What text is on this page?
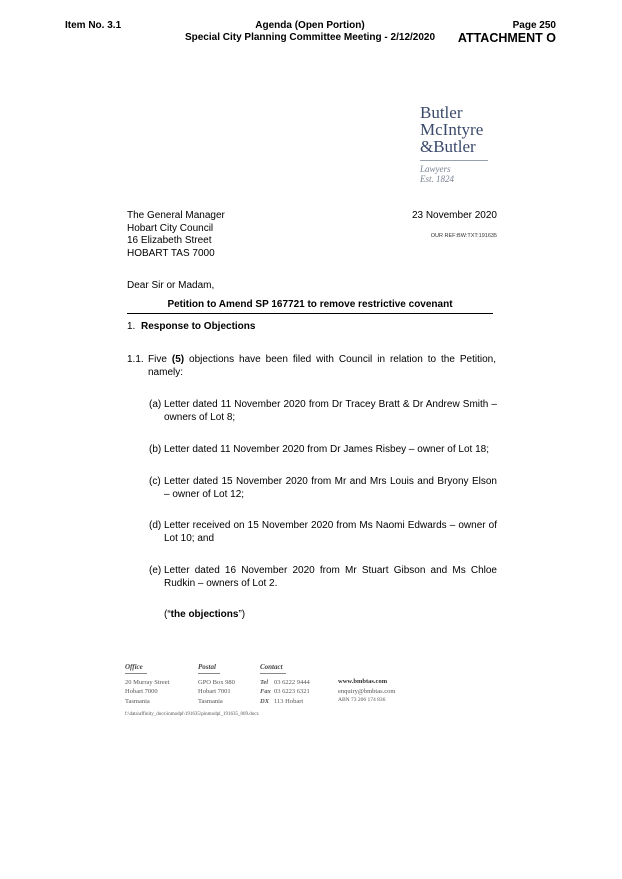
Item No. 3.1	Agenda (Open Portion)
Special City Planning Committee Meeting - 2/12/2020
Page 250
ATTACHMENT O
Butler
McIntyre
&Butler
Lawyers
Est. 1824
The General Manager
Hobart City Council
16 Elizabeth Street
HOBART TAS 7000
23 November 2020
OUR REF:BW:TXT:191635
Dear Sir or Madam,
Petition to Amend SP 167721 to remove restrictive covenant
1. Response to Objections
1.1. Five (5) objections have been filed with Council in relation to the Petition, namely:
(a) Letter dated 11 November 2020 from Dr Tracey Bratt & Dr Andrew Smith – owners of Lot 8;
(b) Letter dated 11 November 2020 from Dr James Risbey – owner of Lot 18;
(c) Letter dated 15 November 2020 from Mr and Mrs Louis and Bryony Elson – owner of Lot 12;
(d) Letter received on 15 November 2020 from Ms Naomi Edwards – owner of Lot 10; and
(e) Letter dated 16 November 2020 from Mr Stuart Gibson and Ms Chloe Rudkin – owners of Lot 2.
(“the objections”)
Office
20 Murray Street
Hobart 7000
Tasmania
Postal
GPO Box 980
Hobart 7001
Tasmania
Contact
Tel 03 6222 9444
Fax 03 6223 6321
DX 113 Hobart
www.bmbtas.com
enquiry@bmbtas.com
ABN 73 206 174 836
f:\data\affinity_docs\inmodpl\191635\pinmodpl_191635_069.docx
